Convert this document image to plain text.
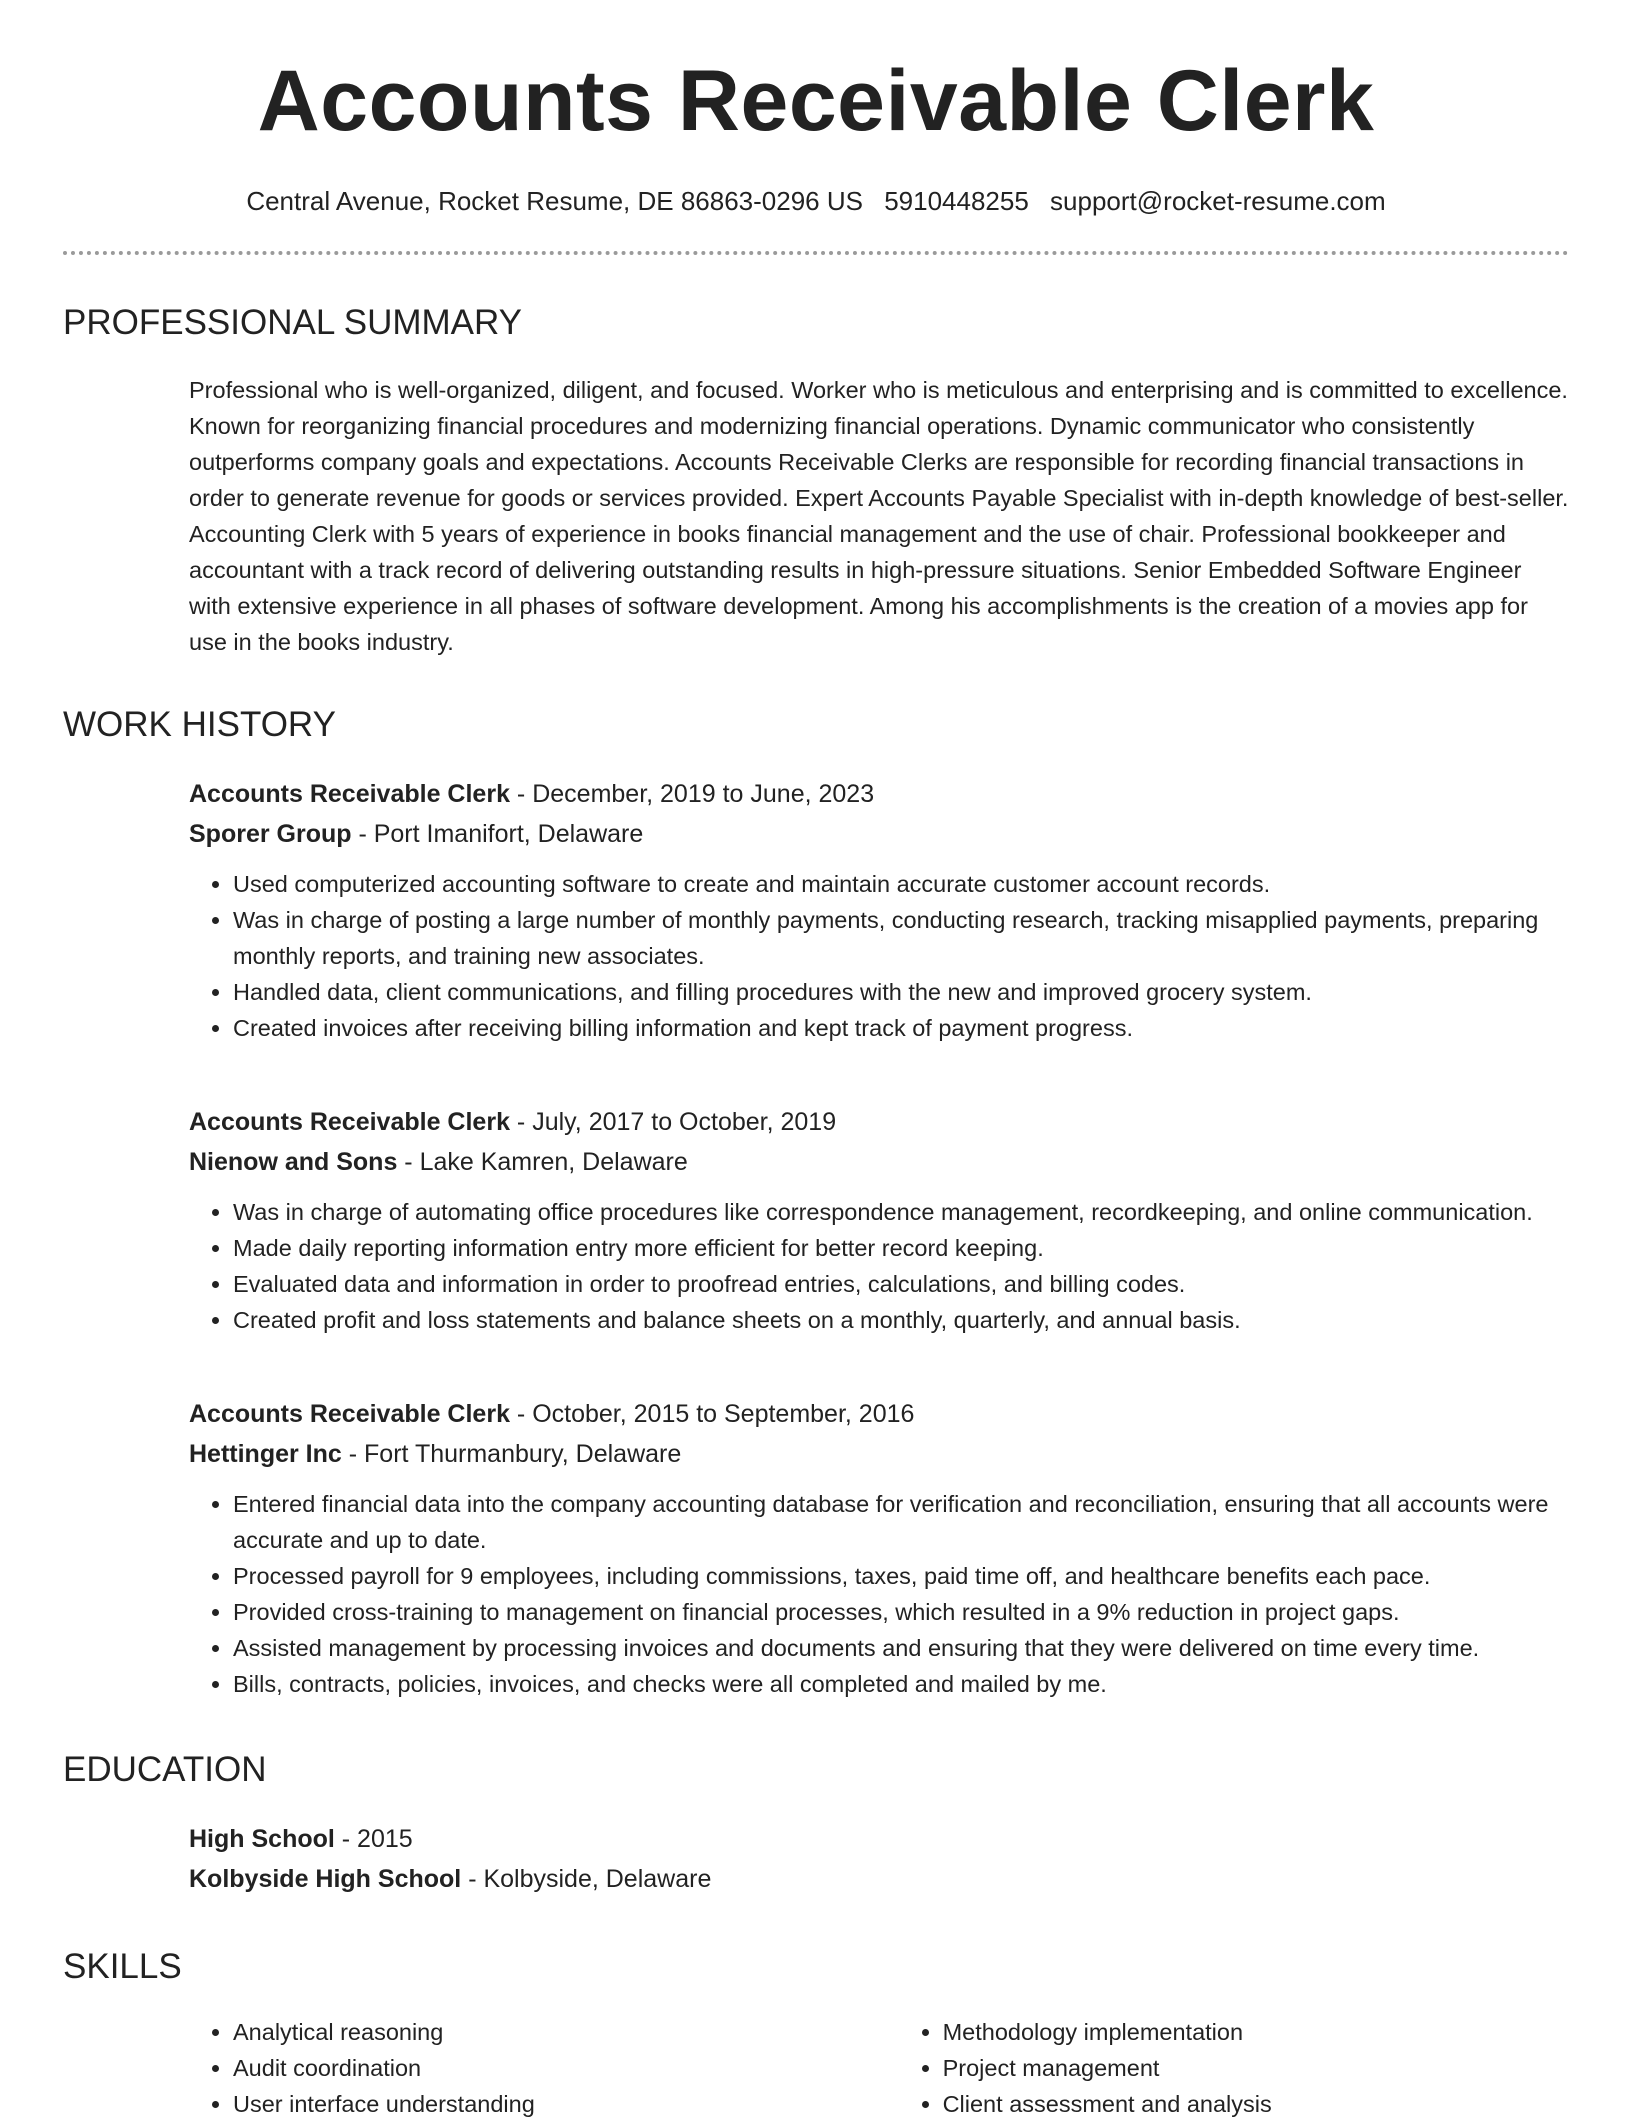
Accounts Receivable Clerk
Central Avenue, Rocket Resume, DE 86863-0296 US 5910448255 support@rocket-resume.com
PROFESSIONAL SUMMARY

Professional who is well-organized, diligent, and focused. Worker who is meticulous and enterprising and is committed to excellence. Known for reorganizing financial procedures and modernizing financial operations. Dynamic communicator who consistently outperforms company goals and expectations. Accounts Receivable Clerks are responsible for recording financial transactions in order to generate revenue for goods or services provided. Expert Accounts Payable Specialist with in-depth knowledge of best-seller. Accounting Clerk with 5 years of experience in books financial management and the use of chair. Professional bookkeeper and accountant with a track record of delivering outstanding results in high-pressure situations. Senior Embedded Software Engineer with extensive experience in all phases of software development. Among his accomplishments is the creation of a movies app for use in the books industry.

WORK HISTORY
Accounts Receivable Clerk - December, 2019 to June, 2023
Sporer Group - Port Imanifort, Delaware
• Used computerized accounting software to create and maintain accurate customer account records.
• Was in charge of posting a large number of monthly payments, conducting research, tracking misapplied payments, preparing monthly reports, and training new associates.
• Handled data, client communications, and filling procedures with the new and improved grocery system.
• Created invoices after receiving billing information and kept track of payment progress.
Accounts Receivable Clerk - July, 2017 to October, 2019
Nienow and Sons - Lake Kamren, Delaware
• Was in charge of automating office procedures like correspondence management, recordkeeping, and online communication.
• Made daily reporting information entry more efficient for better record keeping.
• Evaluated data and information in order to proofread entries, calculations, and billing codes.
• Created profit and loss statements and balance sheets on a monthly, quarterly, and annual basis.
Accounts Receivable Clerk - October, 2015 to September, 2016
Hettinger Inc - Fort Thurmanbury, Delaware
• Entered financial data into the company accounting database for verification and reconciliation, ensuring that all accounts were accurate and up to date.
• Processed payroll for 9 employees, including commissions, taxes, paid time off, and healthcare benefits each pace.
• Provided cross-training to management on financial processes, which resulted in a 9% reduction in project gaps.
• Assisted management by processing invoices and documents and ensuring that they were delivered on time every time.
• Bills, contracts, policies, invoices, and checks were all completed and mailed by me.
EDUCATION
High School - 2015
Kolbyside High School - Kolbyside, Delaware
SKILLS
• Analytical reasoning
• Audit coordination
• User interface understanding
• Methodology implementation
• Project management
• Client assessment and analysis
